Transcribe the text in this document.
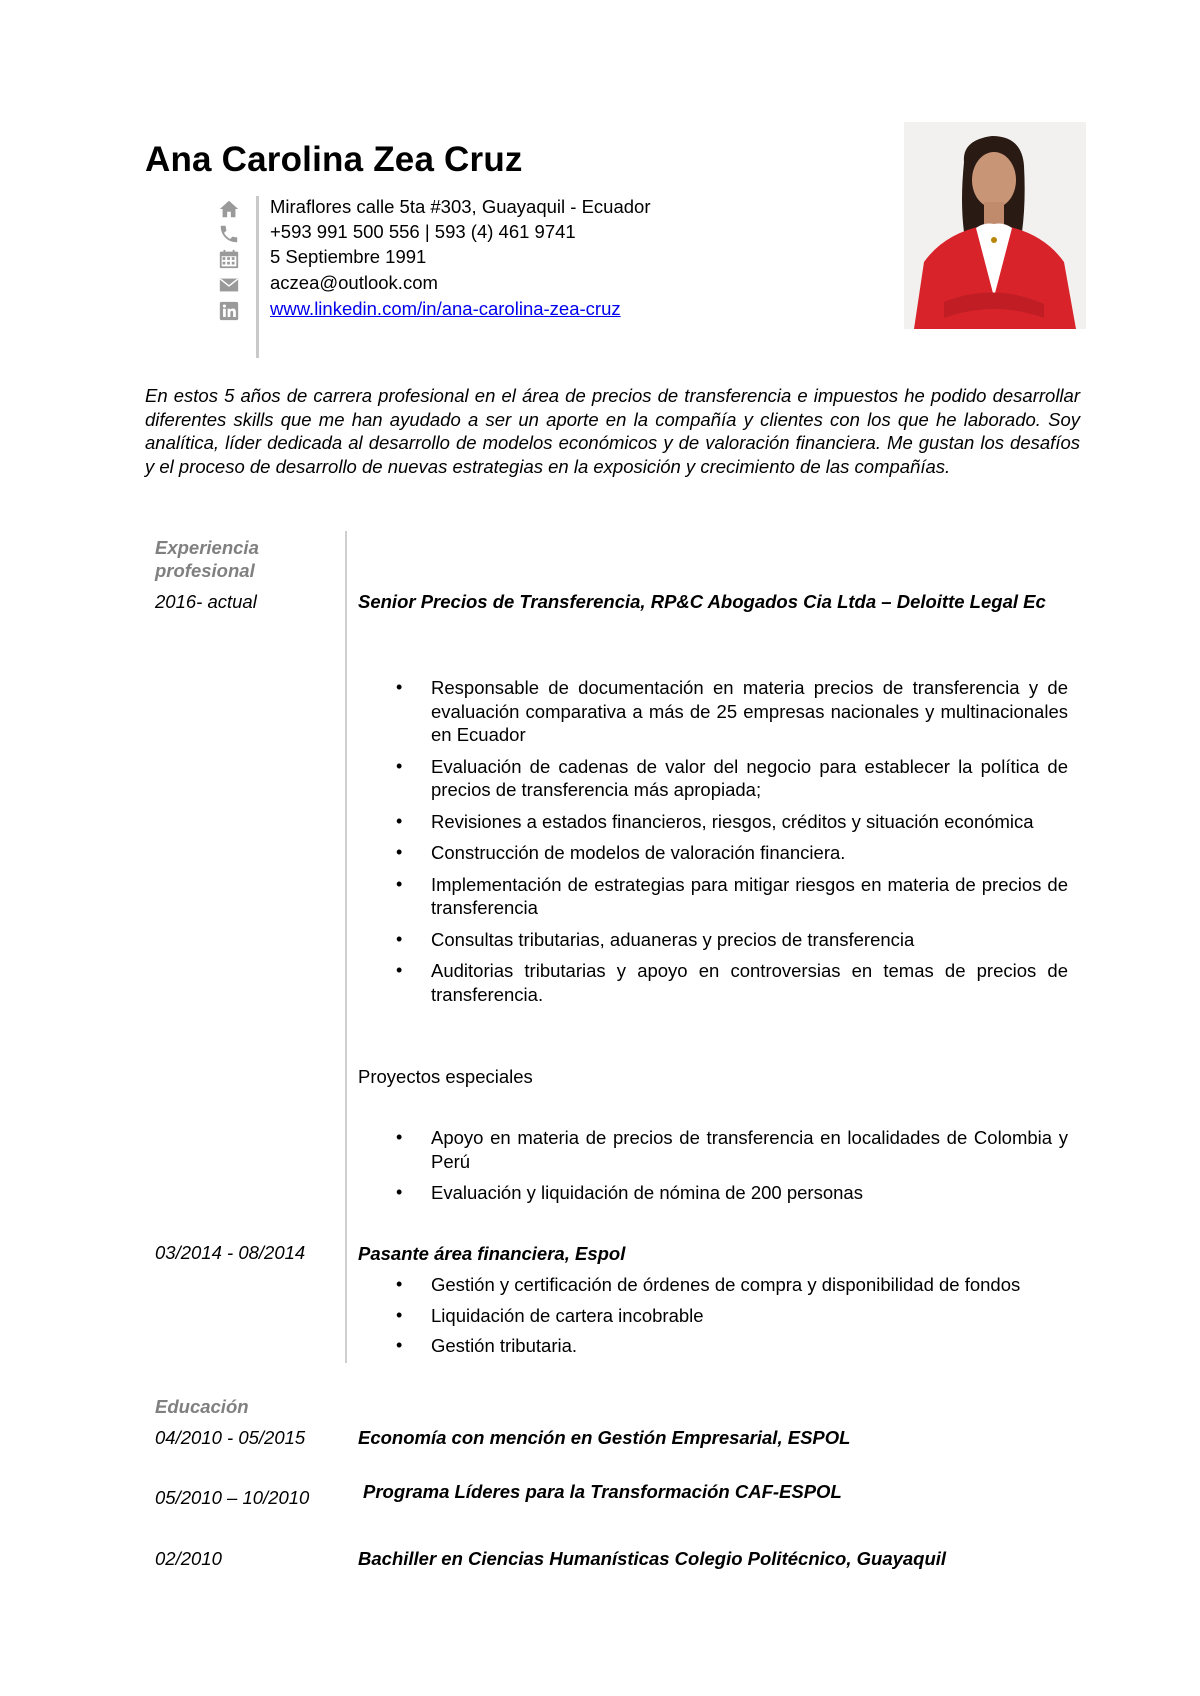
Ana Carolina Zea Cruz
Miraflores calle 5ta #303, Guayaquil - Ecuador
+593 991 500 556 | 593 (4) 461 9741
5 Septiembre 1991
aczea@outlook.com
www.linkedin.com/in/ana-carolina-zea-cruz

En estos 5 años de carrera profesional en el área de precios de transferencia e impuestos he podido desarrollar diferentes skills que me han ayudado a ser un aporte en la compañía y clientes con los que he laborado. Soy analítica, líder dedicada al desarrollo de modelos económicos y de valoración financiera. Me gustan los desafíos y el proceso de desarrollo de nuevas estrategias en la exposición y crecimiento de las compañías.

Experiencia profesional
2016- actual	Senior Precios de Transferencia, RP&C Abogados Cia Ltda – Deloitte Legal Ec

• Responsable de documentación en materia precios de transferencia y de evaluación comparativa a más de 25 empresas nacionales y multinacionales en Ecuador
• Evaluación de cadenas de valor del negocio para establecer la política de precios de transferencia más apropiada;
• Revisiones a estados financieros, riesgos, créditos y situación económica
• Construcción de modelos de valoración financiera.
• Implementación de estrategias para mitigar riesgos en materia de precios de transferencia
• Consultas tributarias, aduaneras y precios de transferencia
• Auditorias tributarias y apoyo en controversias en temas de precios de transferencia.

Proyectos especiales

• Apoyo en materia de precios de transferencia en localidades de Colombia y Perú
• Evaluación y liquidación de nómina de 200 personas
03/2014 - 08/2014	Pasante área financiera, Espol

• Gestión y certificación de órdenes de compra y disponibilidad de fondos
• Liquidación de cartera incobrable
• Gestión tributaria.
Educación
04/2010 - 05/2015	Economía con mención en Gestión Empresarial, ESPOL

05/2010 – 10/2010	Programa Líderes para la Transformación CAF-ESPOL

02/2010	Bachiller en Ciencias Humanísticas Colegio Politécnico, Guayaquil
